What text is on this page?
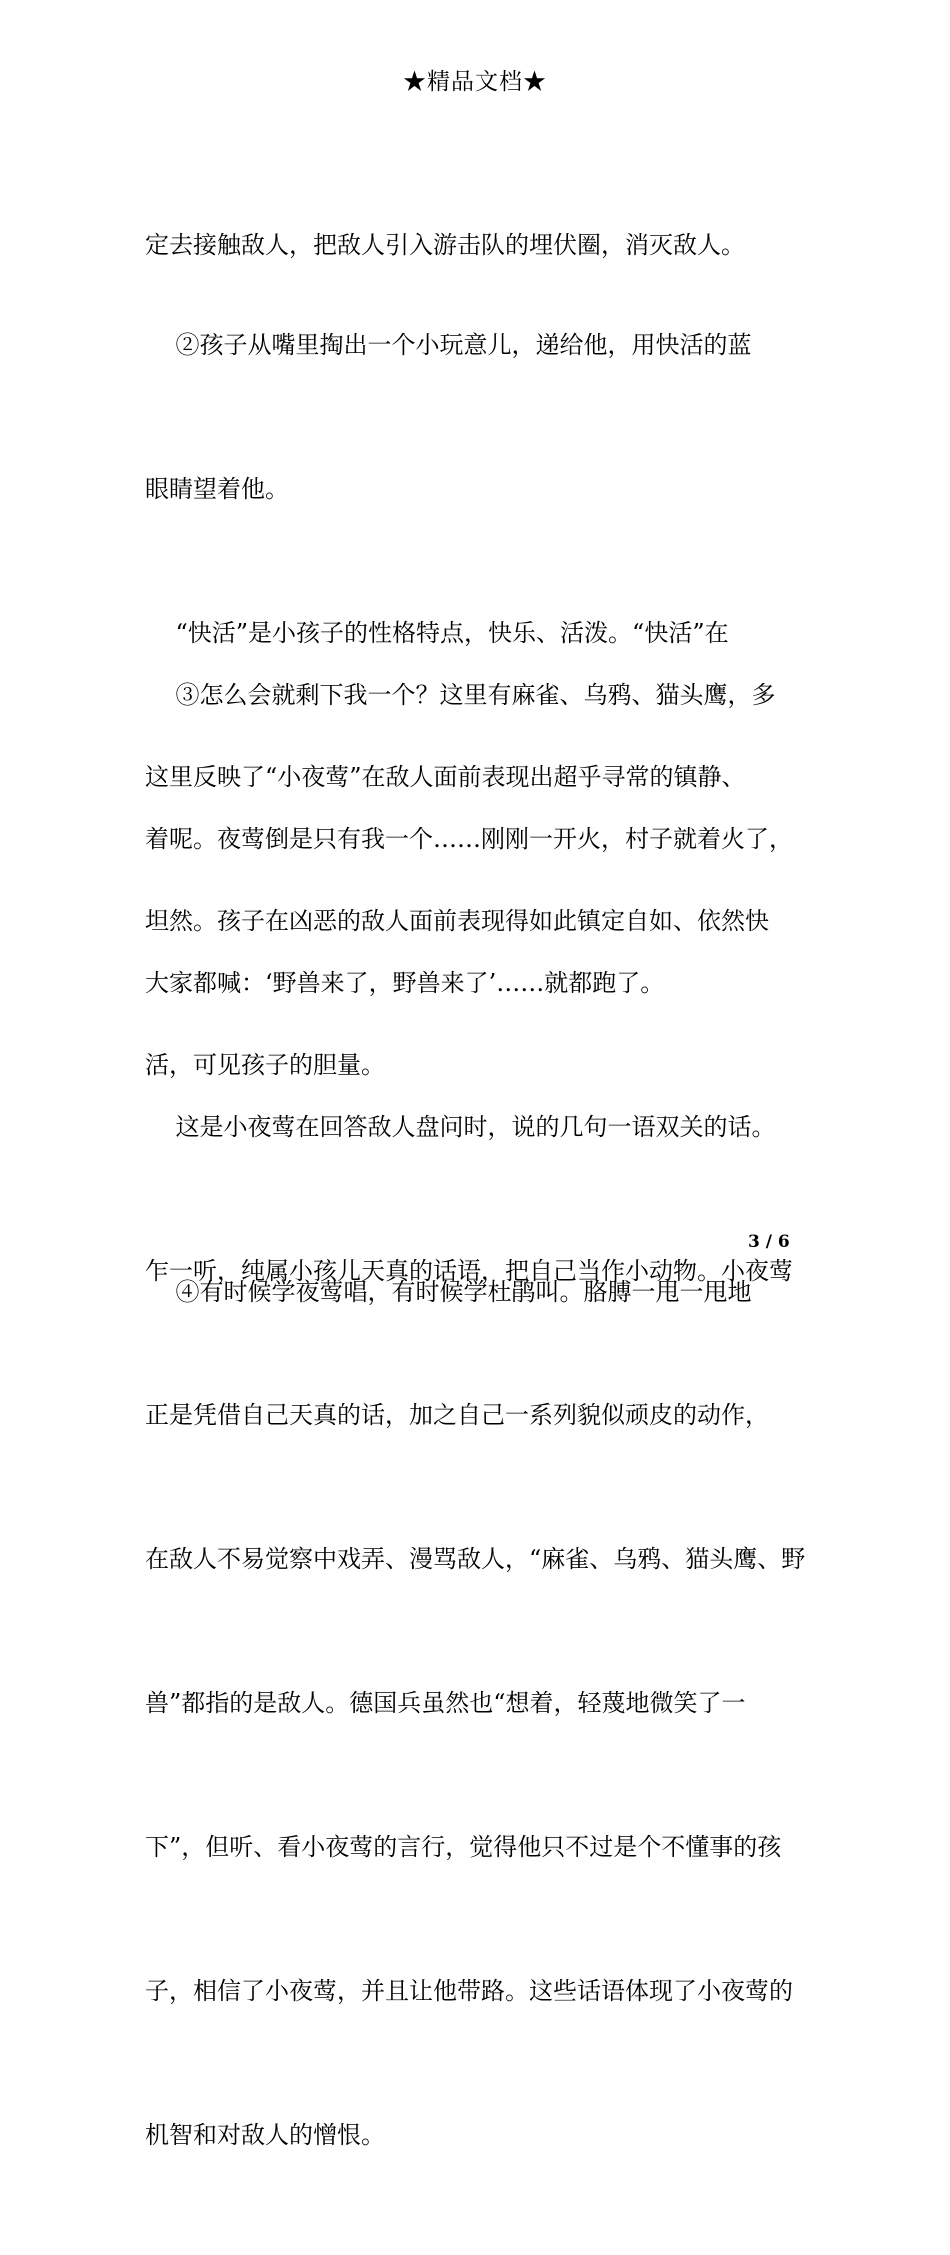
★精品文档★

定去接触敌人，把敌人引入游击队的埋伏圈，消灭敌人。

②孩子从嘴里掏出一个小玩意儿，递给他，用快活的蓝

眼睛望着他。

“快活”是小孩子的性格特点，快乐、活泼。“快活”在

这里反映了“小夜莺”在敌人面前表现出超乎寻常的镇静、

坦然。孩子在凶恶的敌人面前表现得如此镇定自如、依然快

活，可见孩子的胆量。

③怎么会就剩下我一个？这里有麻雀、乌鸦、猫头鹰，多

着呢。夜莺倒是只有我一个……刚刚一开火，村子就着火了，

大家都喊：‘野兽来了，野兽来了’……就都跑了。

这是小夜莺在回答敌人盘问时，说的几句一语双关的话。

乍一听，纯属小孩儿天真的话语，把自己当作小动物。小夜莺

正是凭借自己天真的话，加之自己一系列貌似顽皮的动作，

在敌人不易觉察中戏弄、漫骂敌人，“麻雀、乌鸦、猫头鹰、野

兽”都指的是敌人。德国兵虽然也“想着，轻蔑地微笑了一

下”，但听、看小夜莺的言行，觉得他只不过是个不懂事的孩

子，相信了小夜莺，并且让他带路。这些话语体现了小夜莺的

机智和对敌人的憎恨。

④有时候学夜莺唱，有时候学杜鹃叫。胳膊一甩一甩地

3 / 6
